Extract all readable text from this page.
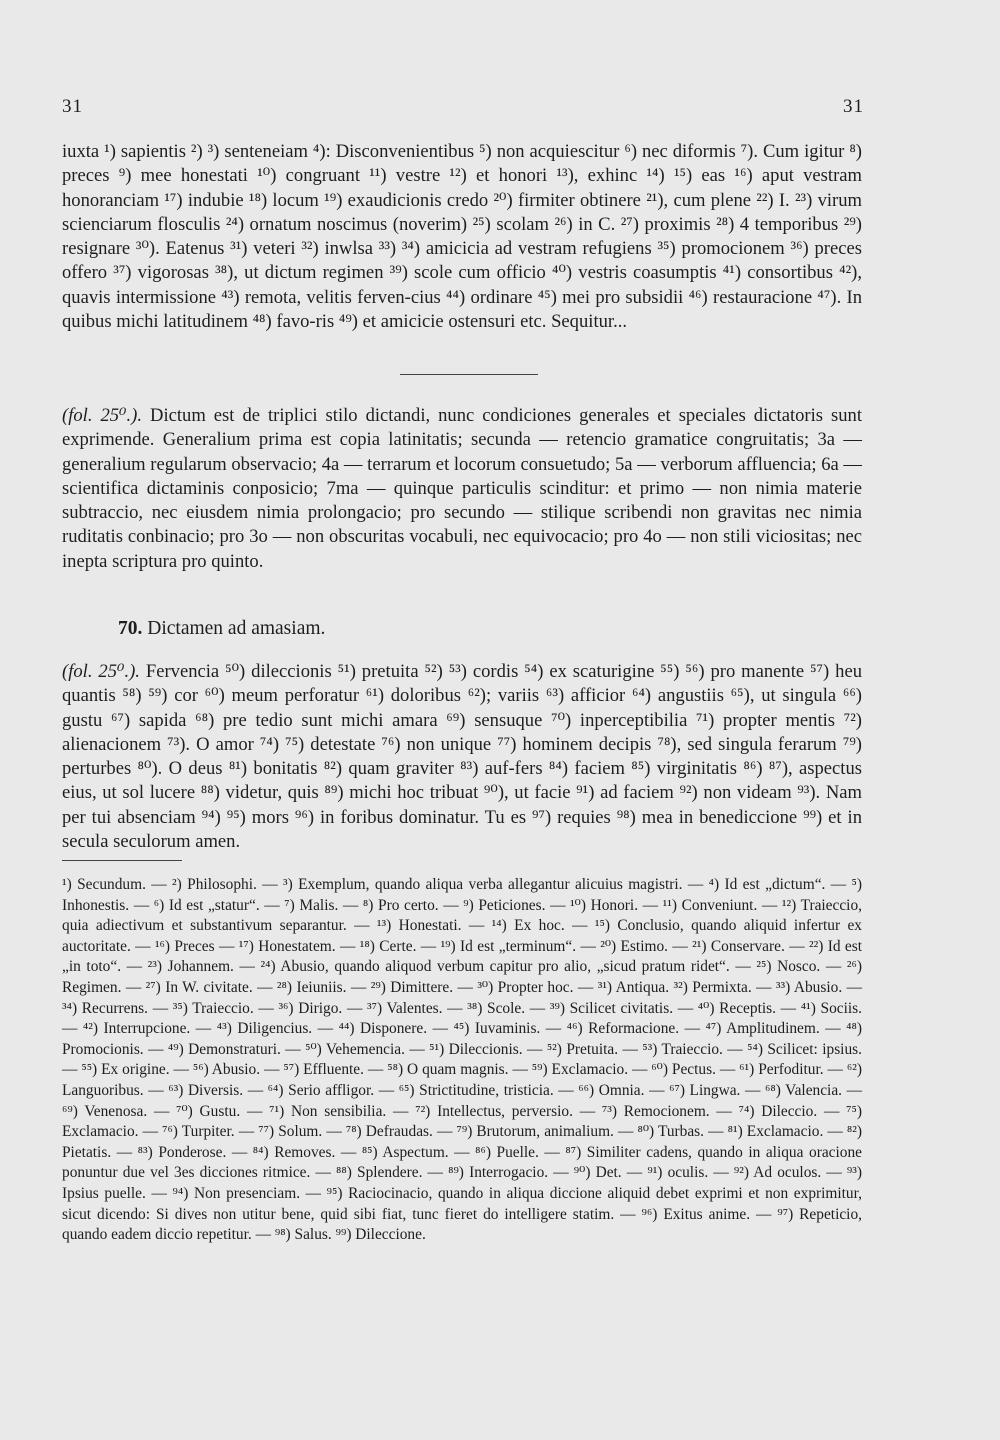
31	31
iuxta ¹) sapientis ²) ³) senteneiam ⁴): Disconvenientibus ⁵) non acquiescitur ⁶) nec diformis ⁷). Cum igitur ⁸) preces ⁹) mee honestati ¹⁰) congruant ¹¹) vestre ¹²) et honori ¹³), exhinc ¹⁴) ¹⁵) eas ¹⁶) aput vestram honoranciam ¹⁷) indubie ¹⁸) locum ¹⁹) exaudicionis credo ²⁰) firmiter obtinere ²¹), cum plene ²²) I. ²³) virum scienciarum flosculis ²⁴) ornatum noscimus (noverim) ²⁵) scolam ²⁶) in C. ²⁷) proximis ²⁸) 4 temporibus ²⁹) resignare ³⁰). Eatenus ³¹) veteri ³²) inwlsa ³³) ³⁴) amicicia ad vestram refugiens ³⁵) promocionem ³⁶) preces offero ³⁷) vigorosas ³⁸), ut dictum regimen ³⁹) scole cum officio ⁴⁰) vestris coasumptis ⁴¹) consortibus ⁴²), quavis intermissione ⁴³) remota, velitis ferven-cius ⁴⁴) ordinare ⁴⁵) mei pro subsidii ⁴⁶) restauracione ⁴⁷). In quibus michi latitudinem ⁴⁸) favo-ris ⁴⁹) et amicicie ostensuri etc. Sequitur...
(fol. 25⁰.). Dictum est de triplici stilo dictandi, nunc condiciones generales et speciales dictatoris sunt exprimende. Generalium prima est copia latinitatis; secunda — retencio gramatice congruitatis; 3a — generalium regularum observacio; 4a — terrarum et locorum consuetudo; 5a — verborum affluencia; 6a — scientifica dictaminis conposicio; 7ma — quinque particulis scinditur: et primo — non nimia materie subtraccio, nec eiusdem nimia prolongacio; pro secundo — stilique scribendi non gravitas nec nimia ruditatis conbinacio; pro 3o — non obscuritas vocabuli, nec equivocacio; pro 4o — non stili viciositas; nec inepta scriptura pro quinto.
70. Dictamen ad amasiam.
(fol. 25⁰.). Fervencia ⁵⁰) dileccionis ⁵¹) pretuita ⁵²) ⁵³) cordis ⁵⁴) ex scaturigine ⁵⁵) ⁵⁶) pro manente ⁵⁷) heu quantis ⁵⁸) ⁵⁹) cor ⁶⁰) meum perforatur ⁶¹) doloribus ⁶²); variis ⁶³) afficior ⁶⁴) angustiis ⁶⁵), ut singula ⁶⁶) gustu ⁶⁷) sapida ⁶⁸) pre tedio sunt michi amara ⁶⁹) sensuque ⁷⁰) inperceptibilia ⁷¹) propter mentis ⁷²) alienacionem ⁷³). O amor ⁷⁴) ⁷⁵) detestate ⁷⁶) non unique ⁷⁷) hominem decipis ⁷⁸), sed singula ferarum ⁷⁹) perturbes ⁸⁰). O deus ⁸¹) bonitatis ⁸²) quam graviter ⁸³) auf-fers ⁸⁴) faciem ⁸⁵) virginitatis ⁸⁶) ⁸⁷), aspectus eius, ut sol lucere ⁸⁸) videtur, quis ⁸⁹) michi hoc tribuat ⁹⁰), ut facie ⁹¹) ad faciem ⁹²) non videam ⁹³). Nam per tui absenciam ⁹⁴) ⁹⁵) mors ⁹⁶) in foribus dominatur. Tu es ⁹⁷) requies ⁹⁸) mea in benediccione ⁹⁹) et in secula seculorum amen.
¹) Secundum. — ²) Philosophi. — ³) Exemplum, quando aliqua verba allegantur alicuius magistri. — ⁴) Id est „dictum“. — ⁵) Inhonestis. — ⁶) Id est „statur“. — ⁷) Malis. — ⁸) Pro certo. — ⁹) Peticiones. — ¹⁰) Honori. — ¹¹) Conveniunt. — ¹²) Traieccio, quia adiectivum et substantivum separantur. — ¹³) Honestati. — ¹⁴) Ex hoc. — ¹⁵) Conclusio, quando aliquid infertur ex auctoritate. — ¹⁶) Preces — ¹⁷) Honestatem. — ¹⁸) Certe. — ¹⁹) Id est „terminum“. — ²⁰) Estimo. — ²¹) Conservare. — ²²) Id est „in toto“. — ²³) Johannem. — ²⁴) Abusio, quando aliquod verbum capitur pro alio, „sicud pratum ridet“. — ²⁵) Nosco. — ²⁶) Regimen. — ²⁷) In W. civitate. — ²⁸) Ieiuniis. — ²⁹) Dimittere. — ³⁰) Propter hoc. — ³¹) Antiqua. ³²) Permixta. — ³³) Abusio. — ³⁴) Recurrens. — ³⁵) Traieccio. — ³⁶) Dirigo. — ³⁷) Valentes. — ³⁸) Scole. — ³⁹) Scilicet civitatis. — ⁴⁰) Receptis. — ⁴¹) Sociis. — ⁴²) Interrupcione. — ⁴³) Diligencius. — ⁴⁴) Disponere. — ⁴⁵) Iuvaminis. — ⁴⁶) Reformacione. — ⁴⁷) Amplitudinem. — ⁴⁸) Promocionis. — ⁴⁹) Demonstraturi. — ⁵⁰) Vehemencia. — ⁵¹) Dileccionis. — ⁵²) Pretuita. — ⁵³) Traieccio. — ⁵⁴) Scilicet: ipsius. — ⁵⁵) Ex origine. — ⁵⁶) Abusio. — ⁵⁷) Effluente. — ⁵⁸) O quam magnis. — ⁵⁹) Exclamacio. — ⁶⁰) Pectus. — ⁶¹) Perfoditur. — ⁶²) Languoribus. — ⁶³) Diversis. — ⁶⁴) Serio affligor. — ⁶⁵) Strictitudine, tristicia. — ⁶⁶) Omnia. — ⁶⁷) Lingwa. — ⁶⁸) Valencia. — ⁶⁹) Venenosa. — ⁷⁰) Gustu. — ⁷¹) Non sensibilia. — ⁷²) Intellectus, perversio. — ⁷³) Remocionem. — ⁷⁴) Dileccio. — ⁷⁵) Exclamacio. — ⁷⁶) Turpiter. — ⁷⁷) Solum. — ⁷⁸) Defraudas. — ⁷⁹) Brutorum, animalium. — ⁸⁰) Turbas. — ⁸¹) Exclamacio. — ⁸²) Pietatis. — ⁸³) Ponderose. — ⁸⁴) Removes. — ⁸⁵) Aspectum. — ⁸⁶) Puelle. — ⁸⁷) Similiter cadens, quando in aliqua oracione ponuntur due vel 3es dicciones ritmice. — ⁸⁸) Splendere. — ⁸⁹) Interrogacio. — ⁹⁰) Det. — ⁹¹) oculis. — ⁹²) Ad oculos. — ⁹³) Ipsius puelle. — ⁹⁴) Non presenciam. — ⁹⁵) Raciocinacio, quando in aliqua diccione aliquid debet exprimi et non exprimitur, sicut dicendo: Si dives non utitur bene, quid sibi fiat, tunc fieret do intelligere statim. — ⁹⁶) Exitus anime. — ⁹⁷) Repeticio, quando eadem diccio repetitur. — ⁹⁸) Salus. ⁹⁹) Dileccione.
